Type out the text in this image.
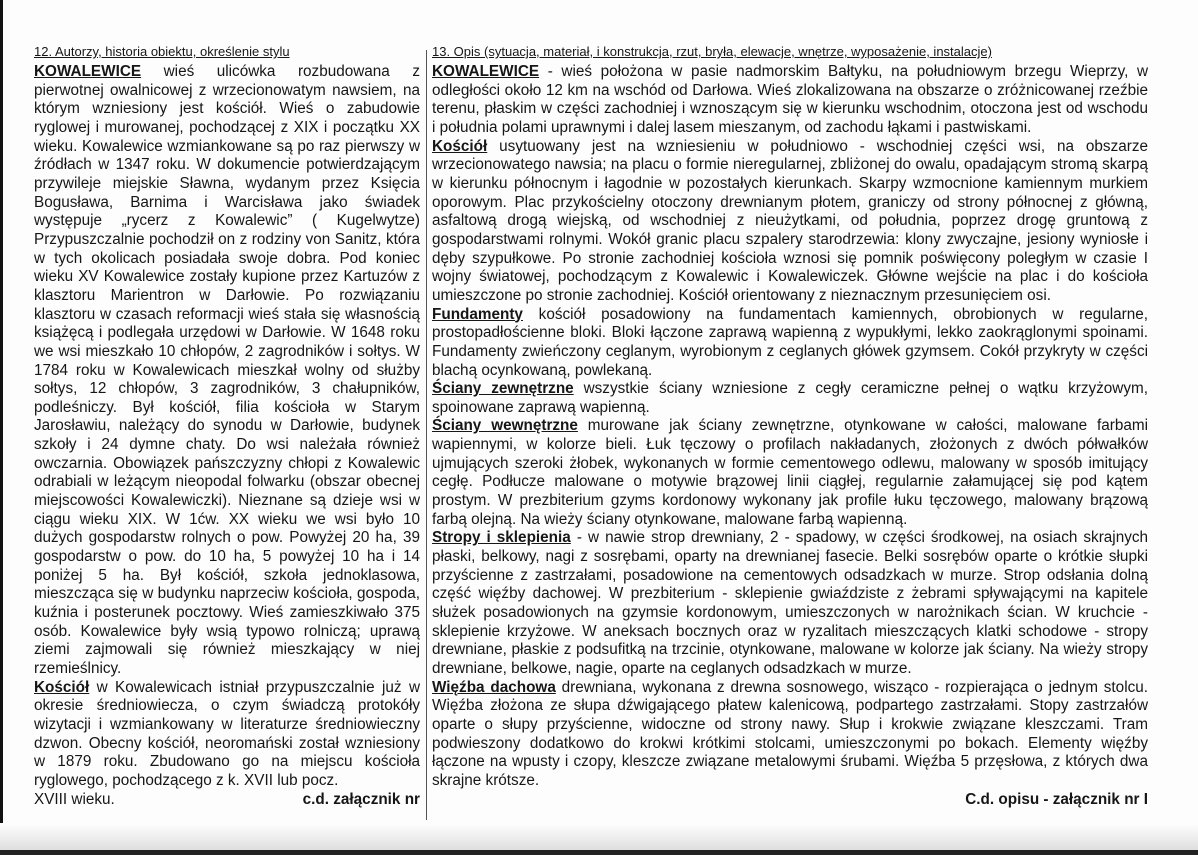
12. Autorzy, historia obiektu, określenie stylu

KOWALEWICE wieś ulicówka rozbudowana z pierwotnej owalnicowej z wrzecionowatym nawsiem, na którym wzniesiony jest kościół. Wieś o zabudowie ryglowej i murowanej, pochodzącej z XIX i początku XX wieku. Kowalewice wzmiankowane są po raz pierwszy w źródłach w 1347 roku. W dokumencie potwierdzającym przywileje miejskie Sławna, wydanym przez Księcia Bogusława, Barnima i Warcisława jako świadek występuje „rycerz z Kowalewic” ( Kugelwytze) Przypuszczalnie pochodził on z rodziny von Sanitz, która w tych okolicach posiadała swoje dobra. Pod koniec wieku XV Kowalewice zostały kupione przez Kartuzów z klasztoru Marientron w Darłowie. Po rozwiązaniu klasztoru w czasach reformacji wieś stała się własnością książęcą i podlegała urzędowi w Darłowie. W 1648 roku we wsi mieszkało 10 chłopów, 2 zagrodników i sołtys. W 1784 roku w Kowalewicach mieszkał wolny od służby sołtys, 12 chłopów, 3 zagrodników, 3 chałupników, podleśniczy. Był kościół, filia kościoła w Starym Jarosławiu, należący do synodu w Darłowie, budynek szkoły i 24 dymne chaty. Do wsi należała również owczarnia. Obowiązek pańszczyzny chłopi z Kowalewic odrabiali w leżącym nieopodal folwarku (obszar obecnej miejscowości Kowalewiczki). Nieznane są dzieje wsi w ciągu wieku XIX. W 1ćw. XX wieku we wsi było 10 dużych gospodarstw rolnych o pow. Powyżej 20 ha, 39 gospodarstw o pow. do 10 ha, 5 powyżej 10 ha i 14 poniżej 5 ha. Był kościół, szkoła jednoklasowa, mieszcząca się w budynku naprzeciw kościoła, gospoda, kuźnia i posterunek pocztowy. Wieś zamieszkiwało 375 osób. Kowalewice były wsią typowo rolniczą; uprawą ziemi zajmowali się również mieszkający w niej rzemieślnicy.

Kościół w Kowalewicach istniał przypuszczalnie już w okresie średniowiecza, o czym świadczą protokóły wizytacji i wzmiankowany w literaturze średniowieczny dzwon. Obecny kościół, neoromański został wzniesiony w 1879 roku. Zbudowano go na miejscu kościoła ryglowego, pochodzącego z k. XVII lub pocz.

XVIII wieku.	c.d. załącznik nr
13. Opis (sytuacja, materiał, i konstrukcja, rzut, bryła, elewacje, wnętrze, wyposażenie, instalacje)

KOWALEWICE - wieś położona w pasie nadmorskim Bałtyku, na południowym brzegu Wieprzy, w odległości około 12 km na wschód od Darłowa. Wieś zlokalizowana na obszarze o zróżnicowanej rzeźbie terenu, płaskim w części zachodniej i wznoszącym się w kierunku wschodnim, otoczona jest od wschodu i południa polami uprawnymi i dalej lasem mieszanym, od zachodu łąkami i pastwiskami.

Kościół usytuowany jest na wzniesieniu w południowo - wschodniej części wsi, na obszarze wrzecionowatego nawsia; na placu o formie nieregularnej, zbliżonej do owalu, opadającym stromą skarpą w kierunku północnym i łagodnie w pozostałych kierunkach. Skarpy wzmocnione kamiennym murkiem oporowym. Plac przykościelny otoczony drewnianym płotem, graniczy od strony północnej z główną, asfaltową drogą wiejską, od wschodniej z nieużytkami, od południa, poprzez drogę gruntową z gospodarstwami rolnymi. Wokół granic placu szpalery starodrzewia: klony zwyczajne, jesiony wyniosłe i dęby szypułkowe. Po stronie zachodniej kościoła wznosi się pomnik poświęcony poległym w czasie I wojny światowej, pochodzącym z Kowalewic i Kowalewiczek. Główne wejście na plac i do kościoła umieszczone po stronie zachodniej. Kościół orientowany z nieznacznym przesunięciem osi.

Fundamenty kościół posadowiony na fundamentach kamiennych, obrobionych w regularne, prostopadłościenne bloki. Bloki łączone zaprawą wapienną z wypukłymi, lekko zaokrąglonymi spoinami. Fundamenty zwieńczony ceglanym, wyrobionym z ceglanych główek gzymsem. Cokół przykryty w części blachą ocynkowaną, powlekaną.

Ściany zewnętrzne wszystkie ściany wzniesione z cegły ceramiczne pełnej o wątku krzyżowym, spoinowane zaprawą wapienną.

Ściany wewnętrzne murowane jak ściany zewnętrzne, otynkowane w całości, malowane farbami wapiennymi, w kolorze bieli. Łuk tęczowy o profilach nakładanych, złożonych z dwóch półwałków ujmujących szeroki żłobek, wykonanych w formie cementowego odlewu, malowany w sposób imitujący cegłę. Podłucze malowane o motywie brązowej linii ciągłej, regularnie załamującej się pod kątem prostym. W prezbiterium gzyms kordonowy wykonany jak profile łuku tęczowego, malowany brązową farbą olejną. Na wieży ściany otynkowane, malowane farbą wapienną.

Stropy i sklepienia - w nawie strop drewniany, 2 - spadowy, w części środkowej, na osiach skrajnych płaski, belkowy, nagi z sosrębami, oparty na drewnianej fasecie. Belki sosrębów oparte o krótkie słupki przyścienne z zastrzałami, posadowione na cementowych odsadzkach w murze. Strop odsłania dolną część więźby dachowej. W prezbiterium - sklepienie gwiaździste z żebrami spływającymi na kapitele służek posadowionych na gzymsie kordonowym, umieszczonych w narożnikach ścian. W kruchcie - sklepienie krzyżowe. W aneksach bocznych oraz w ryzalitach mieszczących klatki schodowe - stropy drewniane, płaskie z podsufitką na trzcinie, otynkowane, malowane w kolorze jak ściany. Na wieży stropy drewniane, belkowe, nagie, oparte na ceglanych odsadzkach w murze.

Więźba dachowa drewniana, wykonana z drewna sosnowego, wisząco - rozpierająca o jednym stolcu. Więźba złożona ze słupa dźwigającego płatew kalenicową, podpartego zastrzałami. Stopy zastrzałów oparte o słupy przyścienne, widoczne od strony nawy. Słup i krokwie związane kleszczami. Tram podwieszony dodatkowo do krokwi krótkimi stolcami, umieszczonymi po bokach. Elementy więźby łączone na wpusty i czopy, kleszcze związane metalowymi śrubami. Więźba 5 przęsłowa, z których dwa skrajne krótsze.

C.d. opisu - załącznik nr I
